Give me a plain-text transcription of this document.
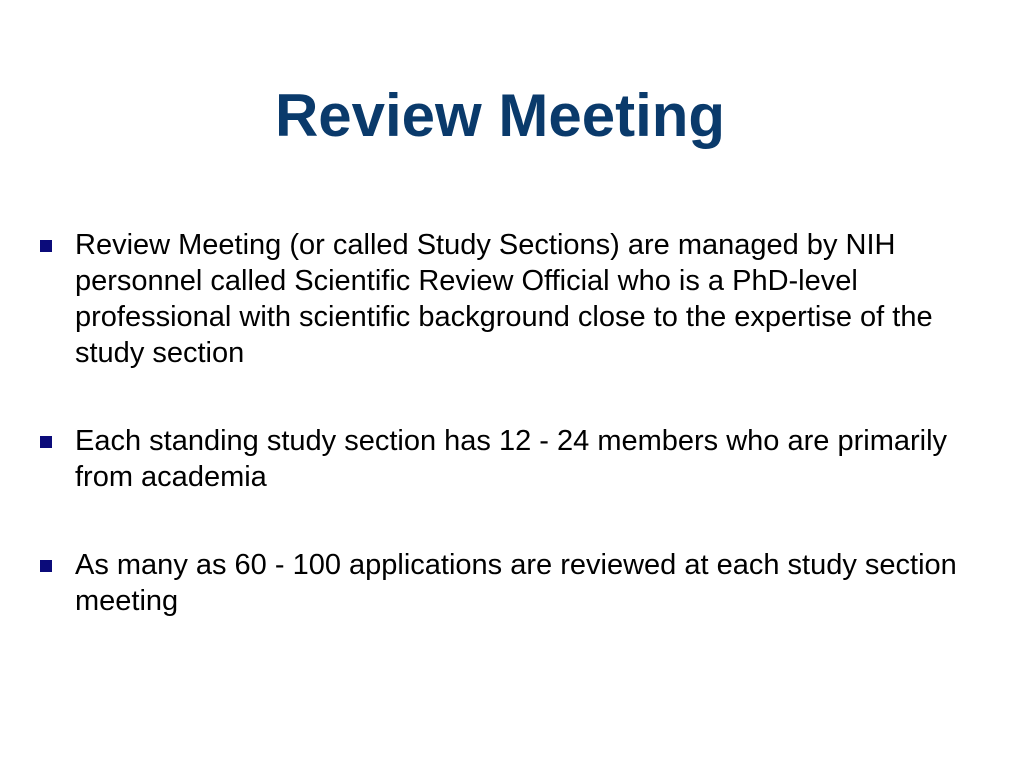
Review Meeting
Review Meeting (or called Study Sections) are managed by NIH personnel called Scientific Review Official who is a PhD-level professional with scientific background close to the expertise of the study section
Each standing study section has 12 - 24 members who are primarily from academia
As many as 60 - 100 applications are reviewed at each study section meeting
